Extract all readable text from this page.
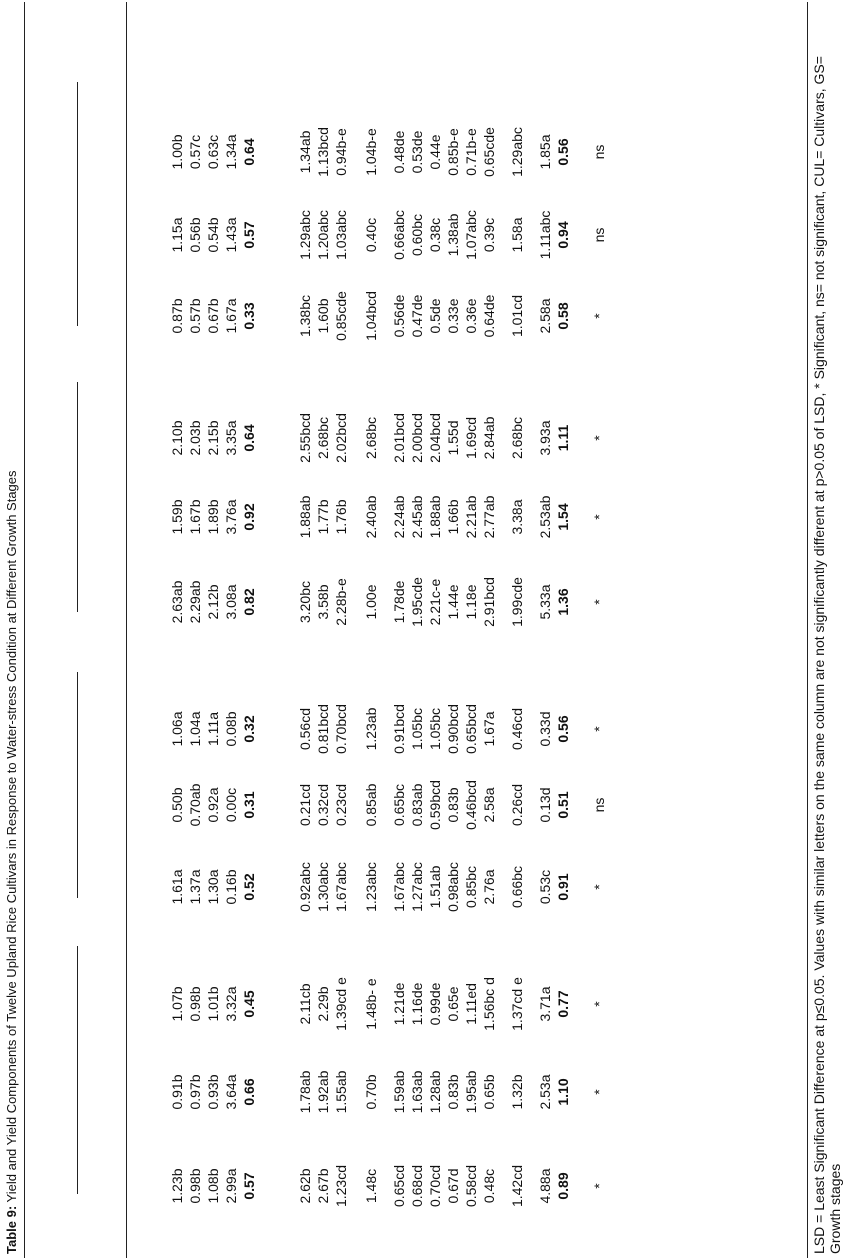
Table 9: Yield and Yield Components of Twelve Upland Rice Cultivars in Response to Water-stress Condition at Different Growth Stages	1.23b
0.91b
1.07b
1.61a
0.50b
1.06a
2.63ab
1.59b
2.10b
0.87b
1.15a
1.00b
0.98b
0.97b
0.98b
1.37a
0.70ab
1.04a
2.29ab
1.67b
2.03b
0.57b
0.56b
0.57c
1.08b
0.93b
1.01b
1.30a
0.92a
1.11a
2.12b
1.89b
2.15b
0.67b
0.54b
0.63c
2.99a
3.64a
3.32a
0.16b
0.00c
0.08b
3.08a
3.76a
3.35a
1.67a
1.43a
1.34a
0.57
0.66
0.45
0.52
0.31
0.32
0.82
0.92
0.64
0.33
0.57
0.64
2.62b
1.78ab
2.11cb
0.92abc
0.21cd
0.56cd
3.20bc
1.88ab
2.55bcd
1.38bc
1.29abc
1.34ab
2.67b
1.92ab
2.29b
1.30abc
0.32cd
0.81bcd
3.58b
1.77b
2.68bc
1.60b
1.20abc
1.13bcd
1.23cd
1.55ab
1.39cd e
1.67abc
0.23cd
0.70bcd
2.28b-e
1.76b
2.02bcd
0.85cde
1.03abc
0.94b-e
1.48c
0.70b
1.48b- e
1.23abc
0.85ab
1.23ab
1.00e
2.40ab
2.68bc
1.04bcd
0.40c
1.04b-e
0.65cd
1.59ab
1.21de
1.67abc
0.65bc
0.91bcd
1.78de
2.24ab
2.01bcd
0.56de
0.66abc
0.48de
0.68cd
1.63ab
1.16de
1.27abc
0.83ab
1.05bc
1.95cde
2.45ab
2.00bcd
0.47de
0.60bc
0.53de
0.70cd
1.28ab
0.99de
1.51ab
0.59bcd
1.05bc
2.21c-e
1.88ab
2.04bcd
0.5de
0.38c
0.44e
0.67d
0.83b
0.65e
0.98abc
0.83b
0.90bcd
1.44e
1.66b
1.55d
0.33e
1.38ab
0.85b-e
0.58cd
1.95ab
1.11ed
0.85bc
0.46bcd
0.65bcd
1.18e
2.21ab
1.69cd
0.36e
1.07abc
0.71b-e
0.48c
0.65b
1.56bc d
2.76a
2.58a
1.67a
2.91bcd
2.77ab
2.84ab
0.64de
0.39c
0.65cde
1.42cd
1.32b
1.37cd e
0.66bc
0.26cd
0.46cd
1.99cde
3.38a
2.68bc
1.01cd
1.58a
1.29abc
4.88a
2.53a
3.71a
0.53c
0.13d
0.33d
5.33a
2.53ab
3.93a
2.58a
1.11abc
1.85a
0.89
1.10
0.77
0.91
0.51
0.56
1.36
1.54
1.11
0.58
0.94
0.56
*
*
*
*
ns
*
*
*
*
*
ns
ns	LSD = Least Significant Difference at p≤0.05. Values with similar letters on the same column are not significantly different at p>0.05 of LSD, * Significant, ns= not significant, CUL= Cultivars, GS= Growth stages
